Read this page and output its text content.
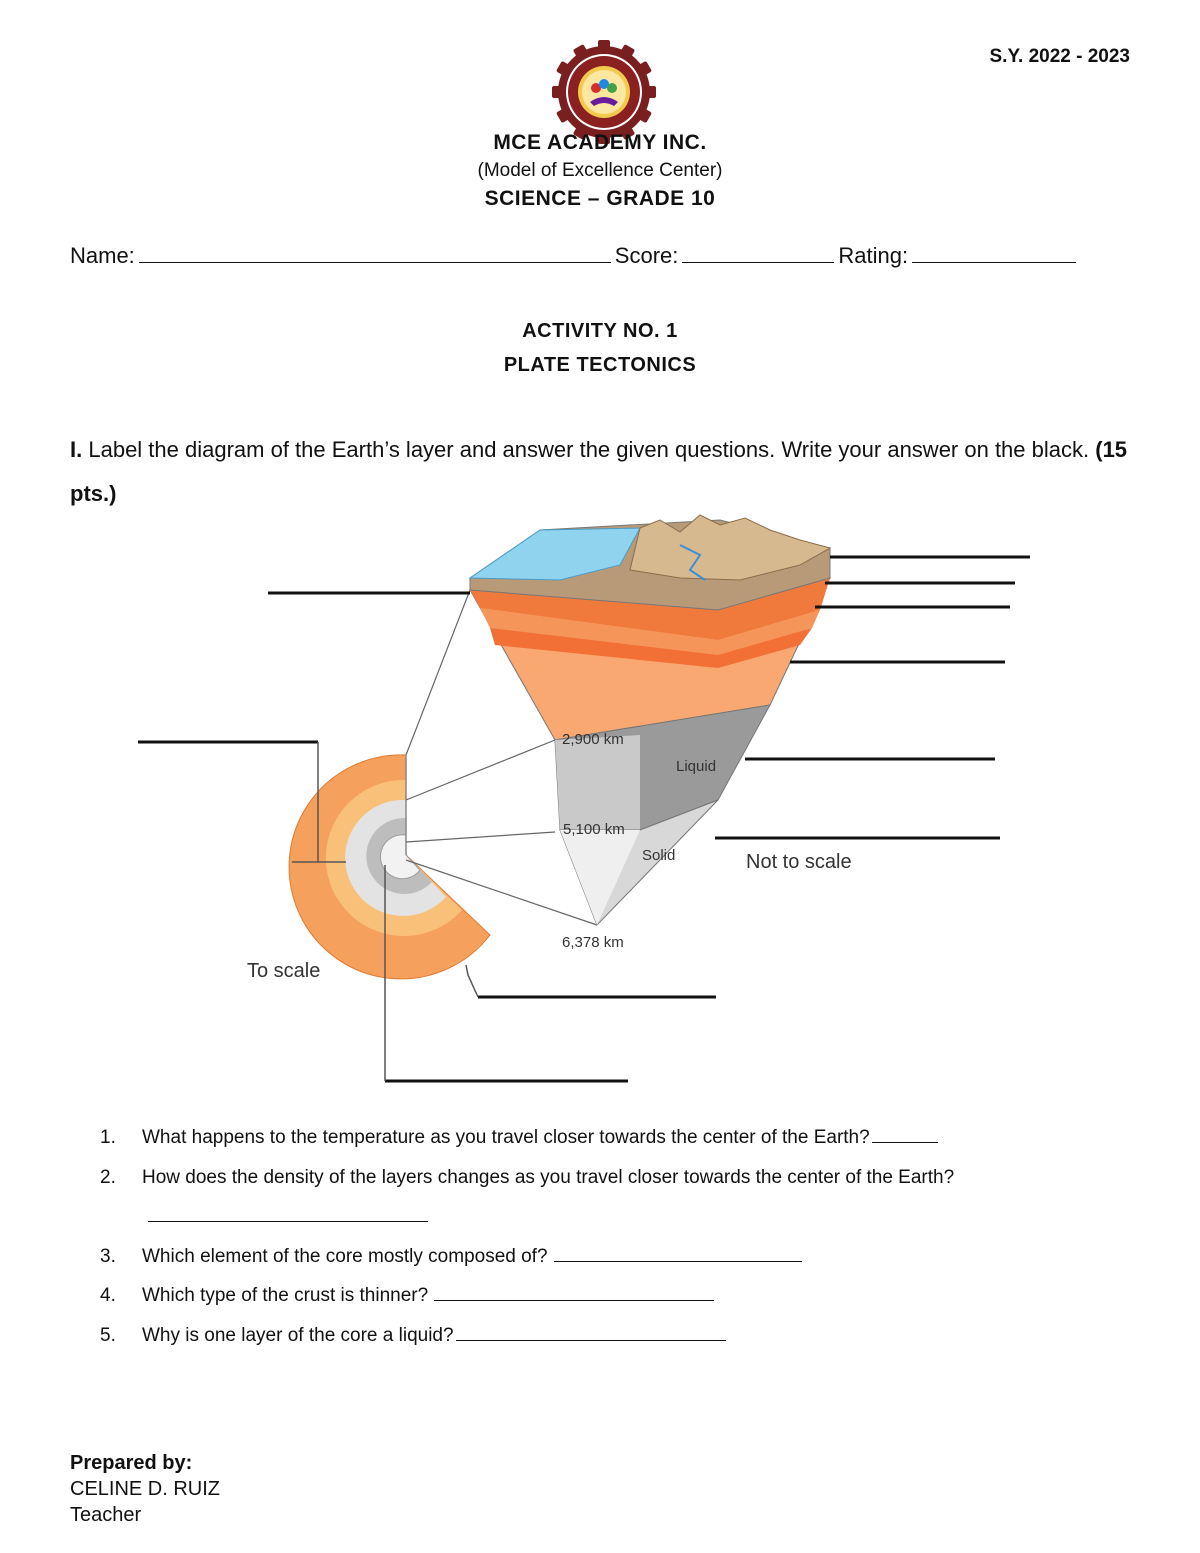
S.Y. 2022 - 2023
MCE ACADEMY INC.
(Model of Excellence Center)
SCIENCE – GRADE 10
Name:	Score:	Rating:
ACTIVITY NO. 1
PLATE TECTONICS
I. Label the diagram of the Earth’s layer and answer the given questions. Write your answer on the black. (15 pts.)
2,900 km
5,100 km
6,378 km
Liquid
Solid	Not to scale
To scale
1.	What happens to the temperature as you travel closer towards the center of the Earth?
2.	How does the density of the layers changes as you travel closer towards the center of the Earth?
3.	Which element of the core mostly composed of?
4.	Which type of the crust is thinner?
5.	Why is one layer of the core a liquid?
Prepared by:
CELINE D. RUIZ
Teacher
